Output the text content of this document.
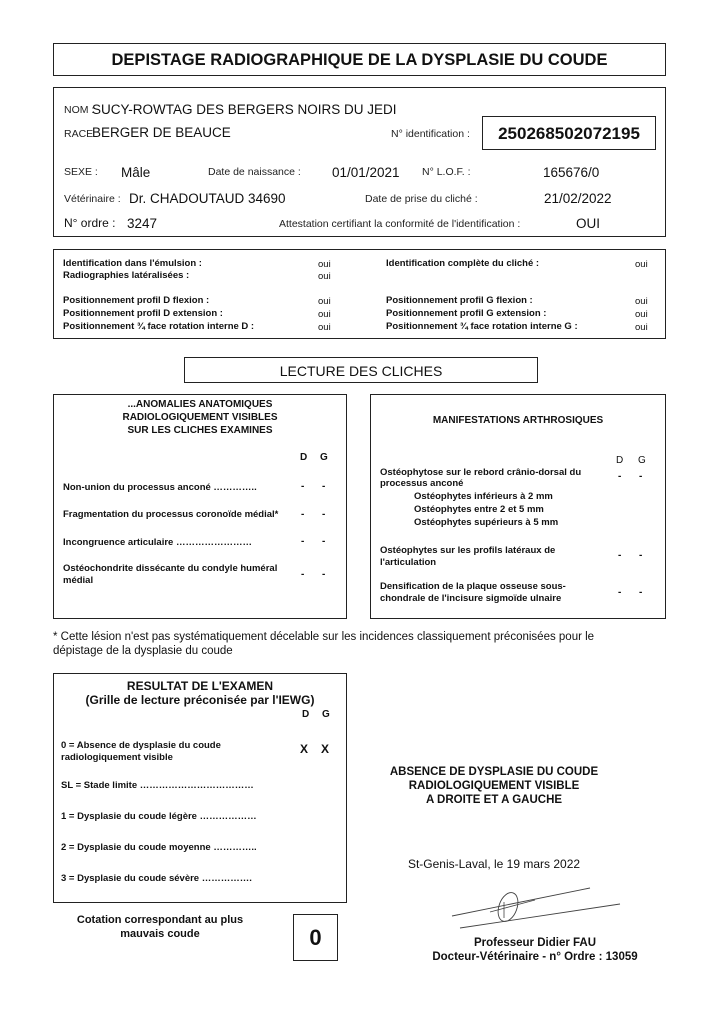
DEPISTAGE RADIOGRAPHIQUE DE LA DYSPLASIE DU COUDE
NOM :
SUCY-ROWTAG DES BERGERS NOIRS DU JEDI
RACE
BERGER DE BEAUCE	N° identification :	250268502072195
SEXE : Mâle	Date de naissance : 01/01/2021 N° L.O.F. :	165676/0
Vétérinaire : Dr. CHADOUTAUD 34690	Date de prise du cliché :	21/02/2022
N° ordre : 3247	Attestation certifiant la conformité de l'identification :	OUI
Identification dans l'émulsion :	oui
Radiographies latéralisées :	oui
Positionnement profil D flexion :	oui
Positionnement profil D extension :	oui
Positionnement ¾ face rotation interne D :	oui
Identification complète du cliché :	oui
Positionnement profil G flexion :	oui
Positionnement profil G extension :	oui
Positionnement ¾ face rotation interne G :	oui
LECTURE DES CLICHES
...ANOMALIES ANATOMIQUES
RADIOLOGIQUEMENT VISIBLES
SUR LES CLICHES EXAMINES
D G
Non-union du processus anconé …………..	- -
Fragmentation du processus coronoïde médial* - -
Incongruence articulaire ……………………	- -
Ostéochondrite dissécante du condyle huméral
médial
- -
MANIFESTATIONS ARTHROSIQUES
D G
Ostéophytose sur le rebord crânio-dorsal du
processus anconé
- -
Ostéophytes inférieurs à 2 mm
Ostéophytes entre 2 et 5 mm
Ostéophytes supérieurs à 5 mm
Ostéophytes sur les profils latéraux de
l'articulation
- -
Densification de la plaque osseuse sous-
chondrale de l'incisure sigmoïde ulnaire
- -
* Cette lésion n'est pas systématiquement décelable sur les incidences classiquement préconisées pour le
dépistage de la dysplasie du coude
RESULTAT DE L'EXAMEN
(Grille de lecture préconisée par l'IEWG)
D G
0 = Absence de dysplasie du coude
radiologiquement visible
X X
SL = Stade limite ………………………………
1 = Dysplasie du coude légère ………………
2 = Dysplasie du coude moyenne …………..
3 = Dysplasie du coude sévère …………….
Cotation correspondant au plus
mauvais coude	0
ABSENCE DE DYSPLASIE DU COUDE
RADIOLOGIQUEMENT VISIBLE
A DROITE ET A GAUCHE
St-Genis-Laval, le 19 mars 2022
Professeur Didier FAU
Docteur-Vétérinaire - n° Ordre : 13059
